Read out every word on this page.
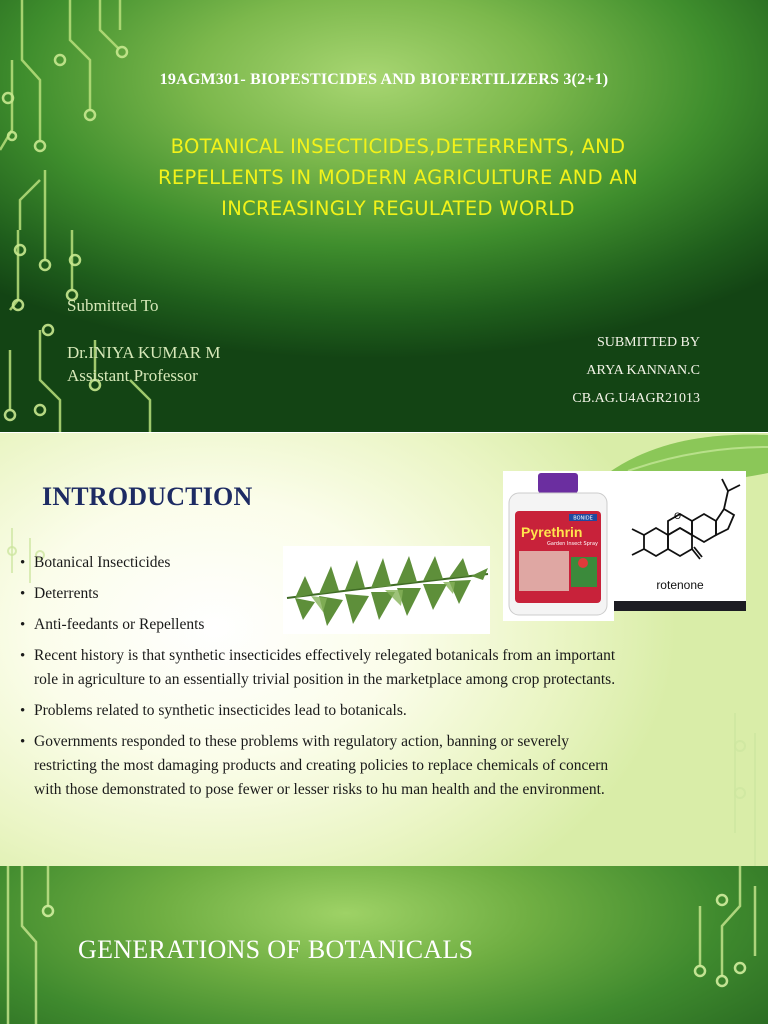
19AGM301- BIOPESTICIDES AND BIOFERTILIZERS 3(2+1)
BOTANICAL INSECTICIDES,DETERRENTS, AND
REPELLENTS IN MODERN AGRICULTURE AND AN
INCREASINGLY REGULATED WORLD
Submitted To
Dr.INIYA KUMAR M
Assistant Professor
SUBMITTED BY
ARYA KANNAN.C
CB.AG.U4AGR21013
INTRODUCTION
BONIDE
Pyrethrin
Garden Insect Spray
O
rotenone
• Botanical Insecticides
• Deterrents
• Anti-feedants or Repellents
• Recent history is that synthetic insecticides effectively relegated botanicals from an important role in agriculture to an essentially trivial position in the marketplace among crop protectants.
• Problems related to synthetic insecticides lead to botanicals.
• Governments responded to these problems with regulatory action, banning or severely restricting the most damaging products and creating policies to replace chemicals of concern with those demonstrated to pose fewer or lesser risks to hu man health and the environment.
GENERATIONS OF BOTANICALS
